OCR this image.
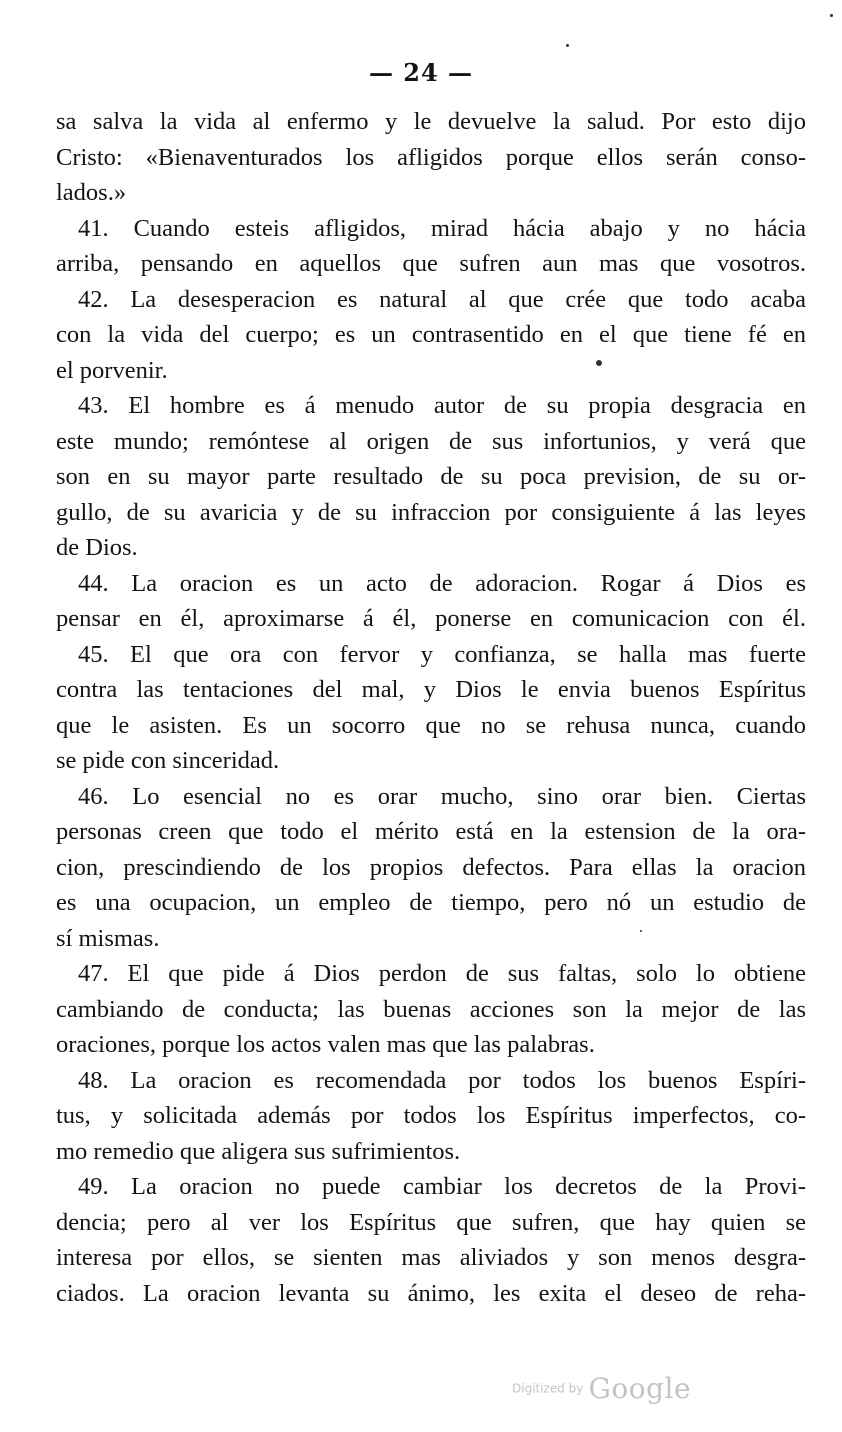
— 24 —
sa salva la vida al enfermo y le devuelve la salud. Por esto dijo
Cristo: «Bienaventurados los afligidos porque ellos serán conso-
lados.»
41. Cuando esteis afligidos, mirad hácia abajo y no hácia
arriba, pensando en aquellos que sufren aun mas que vosotros.
42. La desesperacion es natural al que crée que todo acaba
con la vida del cuerpo; es un contrasentido en el que tiene fé en
el porvenir.
43. El hombre es á menudo autor de su propia desgracia en
este mundo; remóntese al origen de sus infortunios, y verá que
son en su mayor parte resultado de su poca prevision, de su or-
gullo, de su avaricia y de su infraccion por consiguiente á las leyes
de Dios.
44. La oracion es un acto de adoracion. Rogar á Dios es
pensar en él, aproximarse á él, ponerse en comunicacion con él.
45. El que ora con fervor y confianza, se halla mas fuerte
contra las tentaciones del mal, y Dios le envia buenos Espíritus
que le asisten. Es un socorro que no se rehusa nunca, cuando
se pide con sinceridad.
46. Lo esencial no es orar mucho, sino orar bien. Ciertas
personas creen que todo el mérito está en la estension de la ora-
cion, prescindiendo de los propios defectos. Para ellas la oracion
es una ocupacion, un empleo de tiempo, pero nó un estudio de
sí mismas.
47. El que pide á Dios perdon de sus faltas, solo lo obtiene
cambiando de conducta; las buenas acciones son la mejor de las
oraciones, porque los actos valen mas que las palabras.
48. La oracion es recomendada por todos los buenos Espíri-
tus, y solicitada además por todos los Espíritus imperfectos, co-
mo remedio que aligera sus sufrimientos.
49. La oracion no puede cambiar los decretos de la Provi-
dencia; pero al ver los Espíritus que sufren, que hay quien se
interesa por ellos, se sienten mas aliviados y son menos desgra-
ciados. La oracion levanta su ánimo, les exita el deseo de reha-
Digitized by Google
